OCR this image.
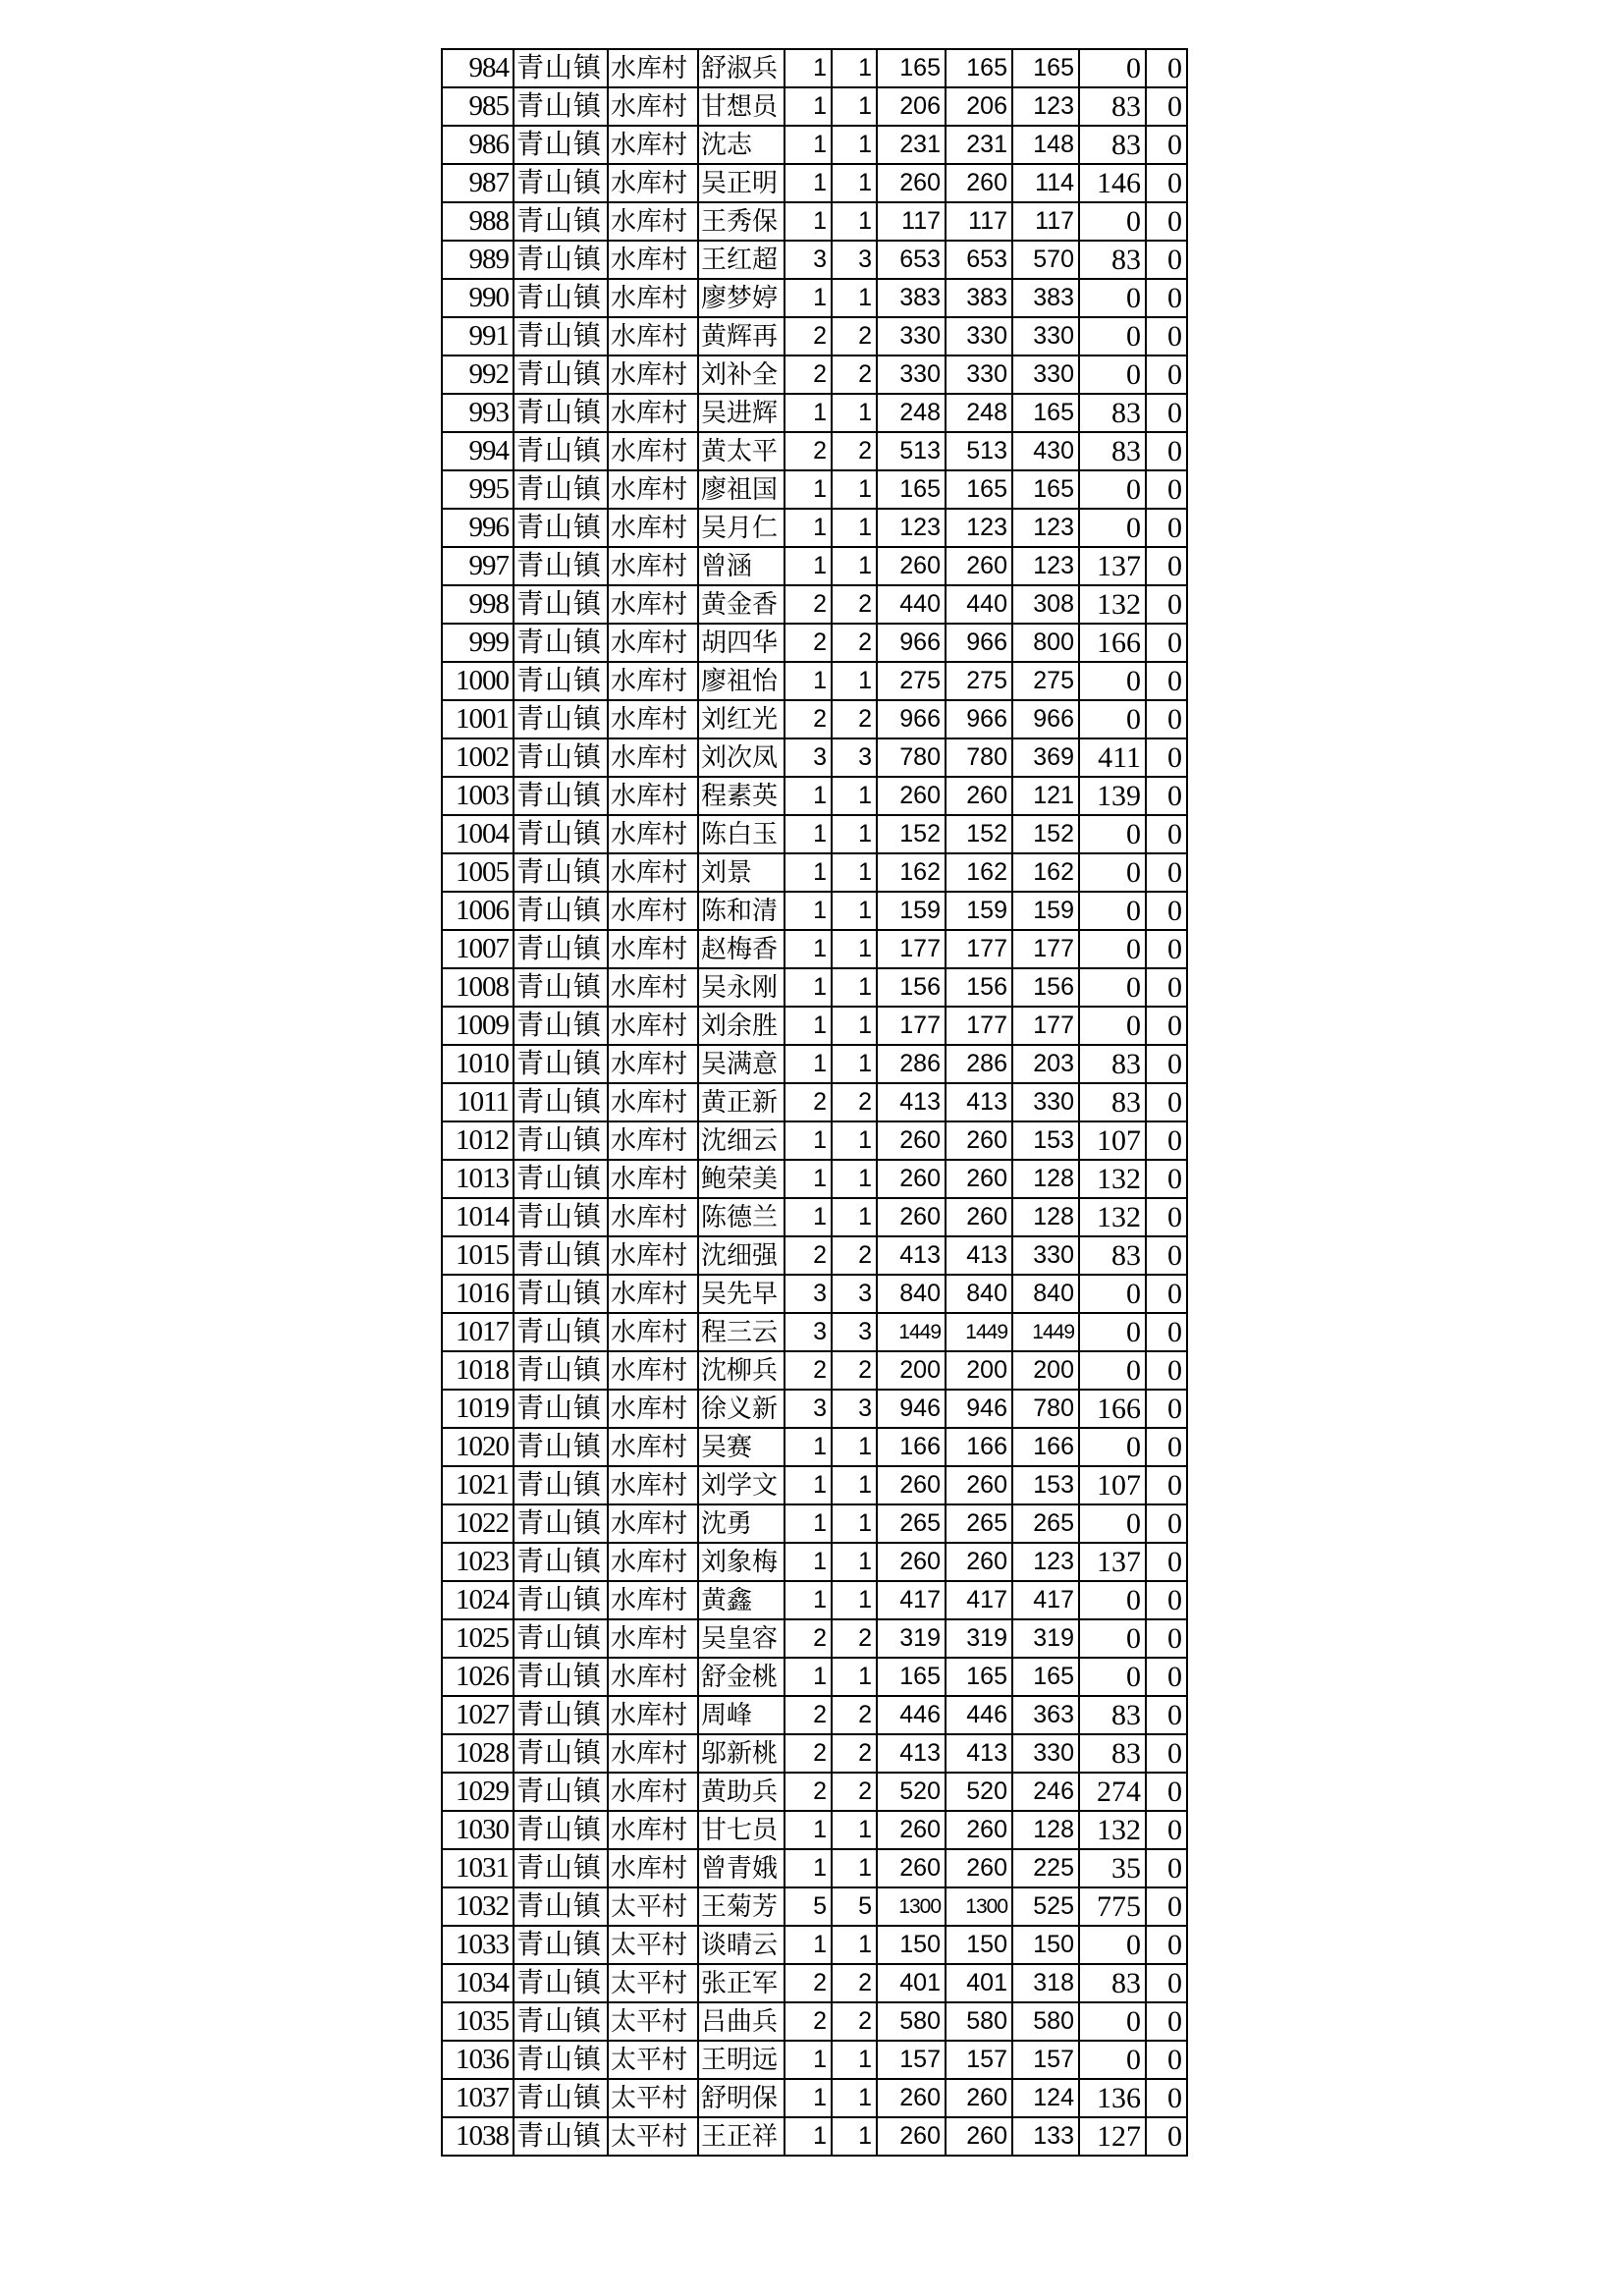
984	青山镇	水库村	舒淑兵	1	1	165	165	165	0	0
985	青山镇	水库村	甘想员	1	1	206	206	123	83	0
986	青山镇	水库村	沈志	1	1	231	231	148	83	0
987	青山镇	水库村	吴正明	1	1	260	260	114	146	0
988	青山镇	水库村	王秀保	1	1	117	117	117	0	0
989	青山镇	水库村	王红超	3	3	653	653	570	83	0
990	青山镇	水库村	廖梦婷	1	1	383	383	383	0	0
991	青山镇	水库村	黄辉再	2	2	330	330	330	0	0
992	青山镇	水库村	刘补全	2	2	330	330	330	0	0
993	青山镇	水库村	吴进辉	1	1	248	248	165	83	0
994	青山镇	水库村	黄太平	2	2	513	513	430	83	0
995	青山镇	水库村	廖祖国	1	1	165	165	165	0	0
996	青山镇	水库村	吴月仁	1	1	123	123	123	0	0
997	青山镇	水库村	曾涵	1	1	260	260	123	137	0
998	青山镇	水库村	黄金香	2	2	440	440	308	132	0
999	青山镇	水库村	胡四华	2	2	966	966	800	166	0
1000	青山镇	水库村	廖祖怡	1	1	275	275	275	0	0
1001	青山镇	水库村	刘红光	2	2	966	966	966	0	0
1002	青山镇	水库村	刘次凤	3	3	780	780	369	411	0
1003	青山镇	水库村	程素英	1	1	260	260	121	139	0
1004	青山镇	水库村	陈白玉	1	1	152	152	152	0	0
1005	青山镇	水库村	刘景	1	1	162	162	162	0	0
1006	青山镇	水库村	陈和清	1	1	159	159	159	0	0
1007	青山镇	水库村	赵梅香	1	1	177	177	177	0	0
1008	青山镇	水库村	吴永刚	1	1	156	156	156	0	0
1009	青山镇	水库村	刘余胜	1	1	177	177	177	0	0
1010	青山镇	水库村	吴满意	1	1	286	286	203	83	0
1011	青山镇	水库村	黄正新	2	2	413	413	330	83	0
1012	青山镇	水库村	沈细云	1	1	260	260	153	107	0
1013	青山镇	水库村	鲍荣美	1	1	260	260	128	132	0
1014	青山镇	水库村	陈德兰	1	1	260	260	128	132	0
1015	青山镇	水库村	沈细强	2	2	413	413	330	83	0
1016	青山镇	水库村	吴先早	3	3	840	840	840	0	0
1017	青山镇	水库村	程三云	3	3	1449	1449	1449	0	0
1018	青山镇	水库村	沈柳兵	2	2	200	200	200	0	0
1019	青山镇	水库村	徐义新	3	3	946	946	780	166	0
1020	青山镇	水库村	吴赛	1	1	166	166	166	0	0
1021	青山镇	水库村	刘学文	1	1	260	260	153	107	0
1022	青山镇	水库村	沈勇	1	1	265	265	265	0	0
1023	青山镇	水库村	刘象梅	1	1	260	260	123	137	0
1024	青山镇	水库村	黄鑫	1	1	417	417	417	0	0
1025	青山镇	水库村	吴皇容	2	2	319	319	319	0	0
1026	青山镇	水库村	舒金桃	1	1	165	165	165	0	0
1027	青山镇	水库村	周峰	2	2	446	446	363	83	0
1028	青山镇	水库村	邬新桃	2	2	413	413	330	83	0
1029	青山镇	水库村	黄助兵	2	2	520	520	246	274	0
1030	青山镇	水库村	甘七员	1	1	260	260	128	132	0
1031	青山镇	水库村	曾青娥	1	1	260	260	225	35	0
1032	青山镇	太平村	王菊芳	5	5	1300	1300	525	775	0
1033	青山镇	太平村	谈晴云	1	1	150	150	150	0	0
1034	青山镇	太平村	张正军	2	2	401	401	318	83	0
1035	青山镇	太平村	吕曲兵	2	2	580	580	580	0	0
1036	青山镇	太平村	王明远	1	1	157	157	157	0	0
1037	青山镇	太平村	舒明保	1	1	260	260	124	136	0
1038	青山镇	太平村	王正祥	1	1	260	260	133	127	0
